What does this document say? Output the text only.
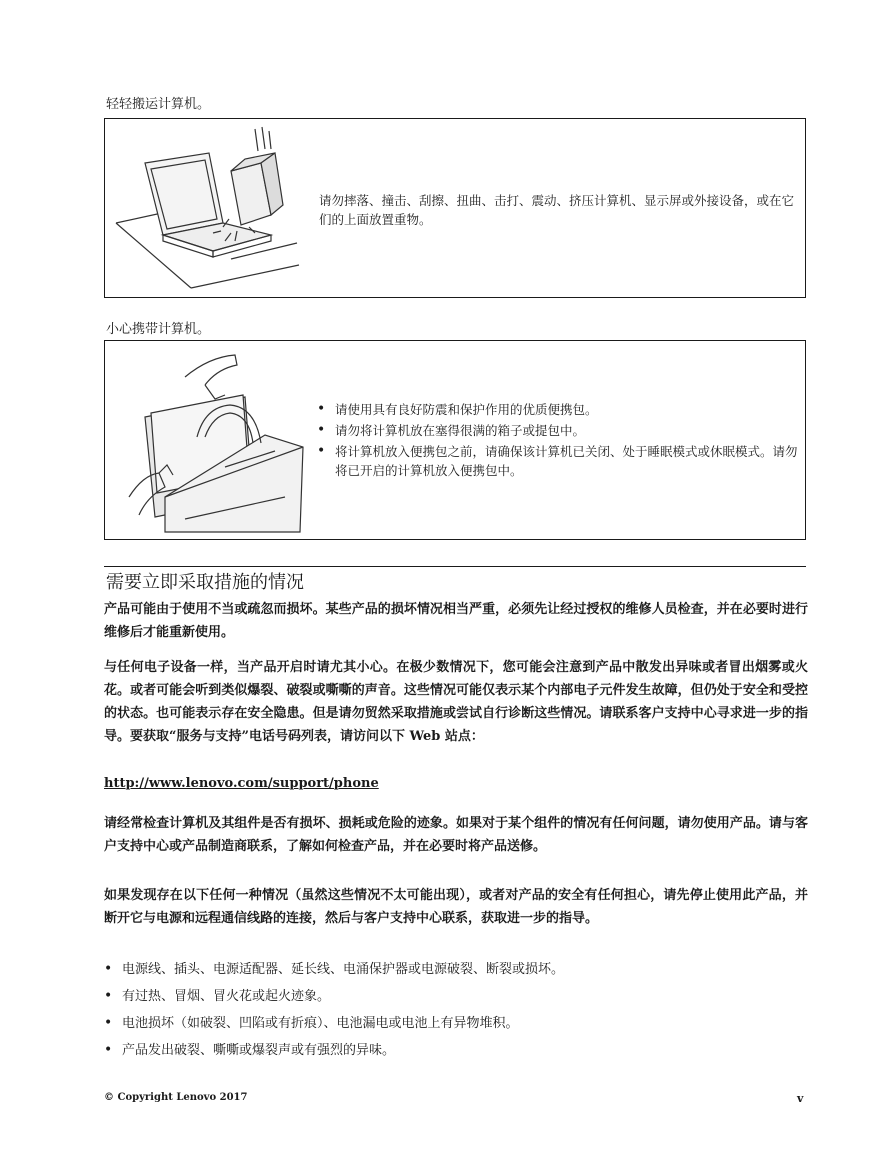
轻轻搬运计算机。
请勿摔落、撞击、刮擦、扭曲、击打、震动、挤压计算机、显示屏或外接设备，或在它们的上面放置重物。
小心携带计算机。
• 请使用具有良好防震和保护作用的优质便携包。
• 请勿将计算机放在塞得很满的箱子或提包中。
• 将计算机放入便携包之前，请确保该计算机已关闭、处于睡眠模式或休眠模式。请勿将已开启的计算机放入便携包中。
需要立即采取措施的情况

产品可能由于使用不当或疏忽而损坏。某些产品的损坏情况相当严重，必须先让经过授权的维修人员检查，并在必要时进行维修后才能重新使用。

与任何电子设备一样，当产品开启时请尤其小心。在极少数情况下，您可能会注意到产品中散发出异味或者冒出烟雾或火花。或者可能会听到类似爆裂、破裂或嘶嘶的声音。这些情况可能仅表示某个内部电子元件发生故障，但仍处于安全和受控的状态。也可能表示存在安全隐患。但是请勿贸然采取措施或尝试自行诊断这些情况。请联系客户支持中心寻求进一步的指导。要获取“服务与支持”电话号码列表，请访问以下 Web 站点：

http://www.lenovo.com/support/phone

请经常检查计算机及其组件是否有损坏、损耗或危险的迹象。如果对于某个组件的情况有任何问题，请勿使用产品。请与客户支持中心或产品制造商联系，了解如何检查产品，并在必要时将产品送修。

如果发现存在以下任何一种情况（虽然这些情况不太可能出现），或者对产品的安全有任何担心，请先停止使用此产品，并断开它与电源和远程通信线路的连接，然后与客户支持中心联系，获取进一步的指导。

• 电源线、插头、电源适配器、延长线、电涌保护器或电源破裂、断裂或损坏。
• 有过热、冒烟、冒火花或起火迹象。
• 电池损坏（如破裂、凹陷或有折痕）、电池漏电或电池上有异物堆积。
• 产品发出破裂、嘶嘶或爆裂声或有强烈的异味。
© Copyright Lenovo 2017	v
